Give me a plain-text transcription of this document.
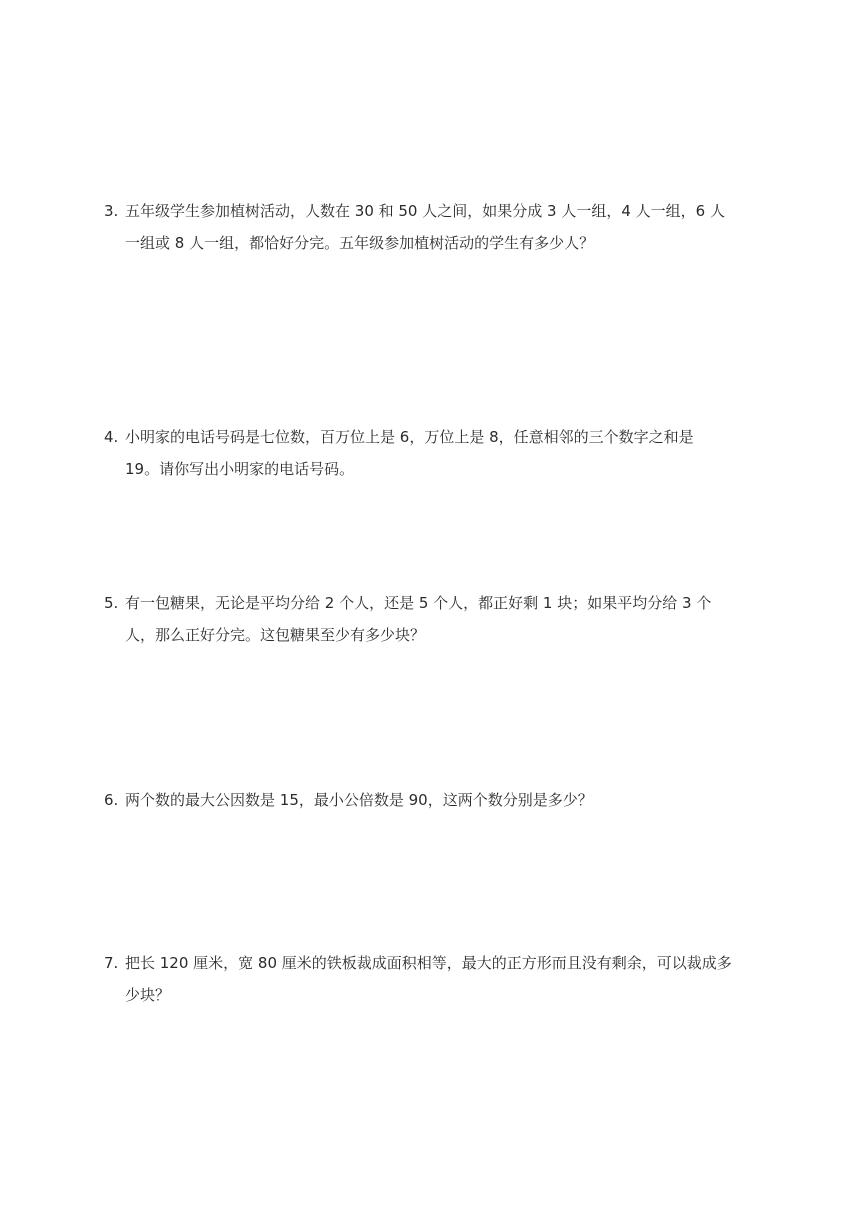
3. 五年级学生参加植树活动，人数在 30 和 50 人之间，如果分成 3 人一组，4 人一组，6 人
一组或 8 人一组，都恰好分完。五年级参加植树活动的学生有多少人？
4. 小明家的电话号码是七位数，百万位上是 6，万位上是 8，任意相邻的三个数字之和是
19。请你写出小明家的电话号码。
5. 有一包糖果，无论是平均分给 2 个人，还是 5 个人，都正好剩 1 块；如果平均分给 3 个
人，那么正好分完。这包糖果至少有多少块？
6. 两个数的最大公因数是 15，最小公倍数是 90，这两个数分别是多少？
7. 把长 120 厘米，宽 80 厘米的铁板裁成面积相等，最大的正方形而且没有剩余，可以裁成多
少块？
